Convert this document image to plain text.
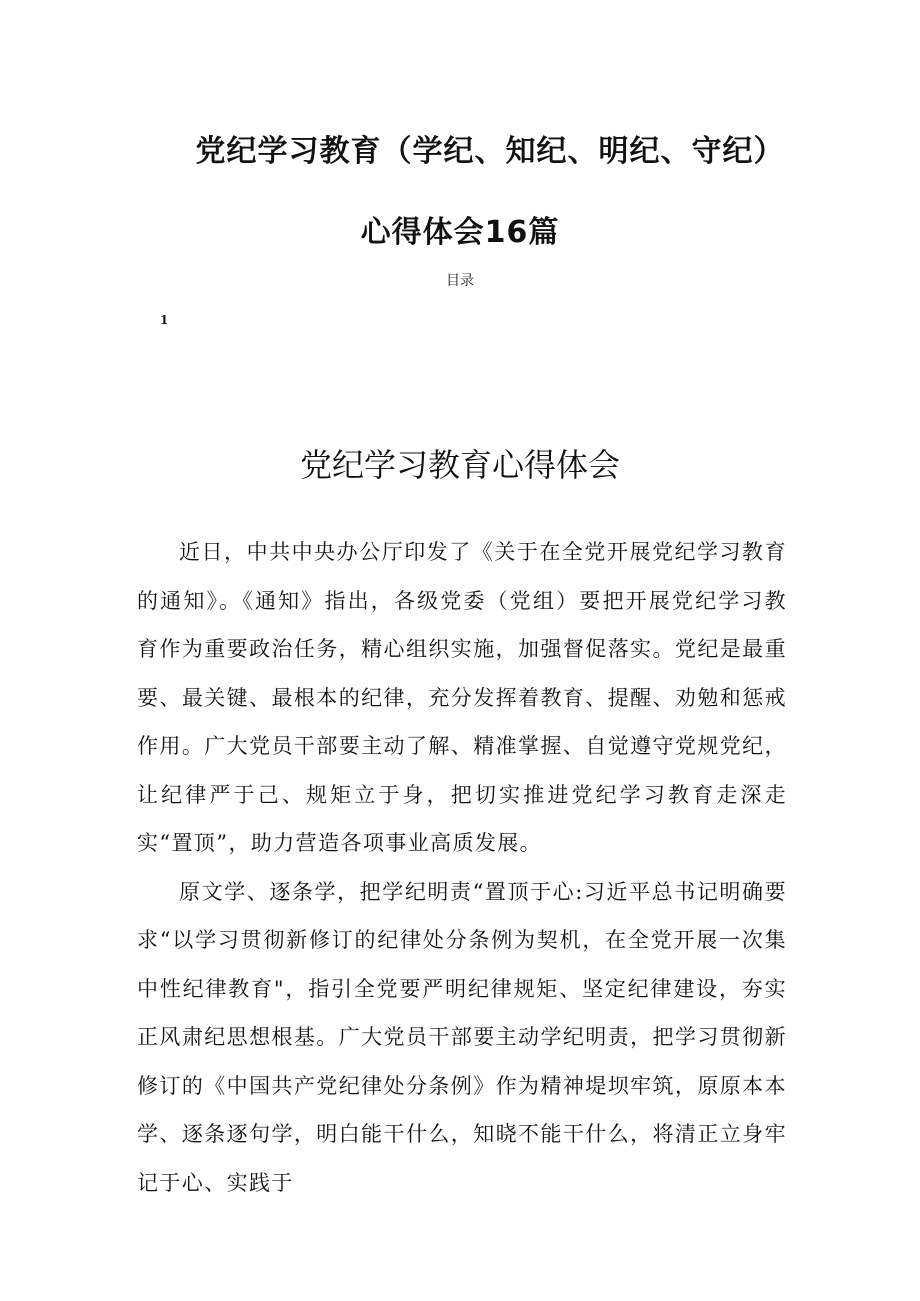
党纪学习教育（学纪、知纪、明纪、守纪）
心得体会16篇
目录
1
党纪学习教育心得体会

近日，中共中央办公厅印发了《关于在全党开展党纪学习教育的通知》。《通知》指出，各级党委（党组）要把开展党纪学习教育作为重要政治任务，精心组织实施，加强督促落实。党纪是最重要、最关键、最根本的纪律，充分发挥着教育、提醒、劝勉和惩戒作用。广大党员干部要主动了解、精准掌握、自觉遵守党规党纪，让纪律严于己、规矩立于身，把切实推进党纪学习教育走深走实“置顶”，助力营造各项事业高质发展。

原文学、逐条学，把学纪明责“置顶于心:习近平总书记明确要求“以学习贯彻新修订的纪律处分条例为契机，在全党开展一次集中性纪律教育"，指引全党要严明纪律规矩、坚定纪律建设，夯实正风肃纪思想根基。广大党员干部要主动学纪明责，把学习贯彻新修订的《中国共产党纪律处分条例》作为精神堤坝牢筑，原原本本学、逐条逐句学，明白能干什么，知晓不能干什么，将清正立身牢记于心、实践于
